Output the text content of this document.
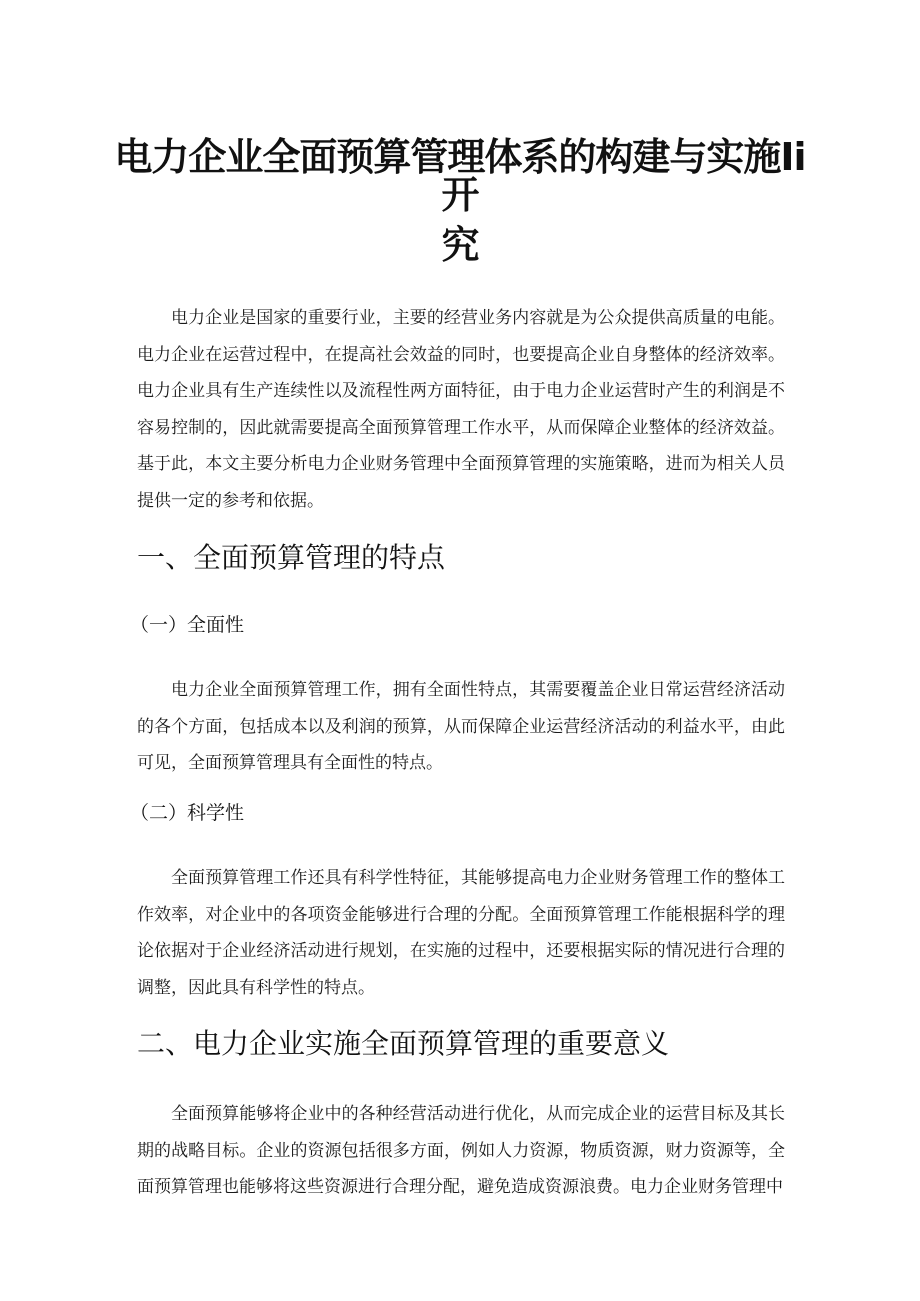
电力企业全面预算管理体系的构建与实施Ii开
究

电力企业是国家的重要行业，主要的经营业务内容就是为公众提供高质量的电能。电力企业在运营过程中，在提高社会效益的同时，也要提高企业自身整体的经济效率。电力企业具有生产连续性以及流程性两方面特征，由于电力企业运营时产生的利润是不容易控制的，因此就需要提高全面预算管理工作水平，从而保障企业整体的经济效益。基于此，本文主要分析电力企业财务管理中全面预算管理的实施策略，进而为相关人员提供一定的参考和依据。

一、全面预算管理的特点
（一）全面性

电力企业全面预算管理工作，拥有全面性特点，其需要覆盖企业日常运营经济活动的各个方面，包括成本以及利润的预算，从而保障企业运营经济活动的利益水平，由此可见，全面预算管理具有全面性的特点。

（二）科学性

全面预算管理工作还具有科学性特征，其能够提高电力企业财务管理工作的整体工作效率，对企业中的各项资金能够进行合理的分配。全面预算管理工作能根据科学的理论依据对于企业经济活动进行规划，在实施的过程中，还要根据实际的情况进行合理的调整，因此具有科学性的特点。

二、电力企业实施全面预算管理的重要意义

全面预算能够将企业中的各种经营活动进行优化，从而完成企业的运营目标及其长期的战略目标。企业的资源包括很多方面，例如人力资源，物质资源，财力资源等，全面预算管理也能够将这些资源进行合理分配，避免造成资源浪费。电力企业财务管理中
